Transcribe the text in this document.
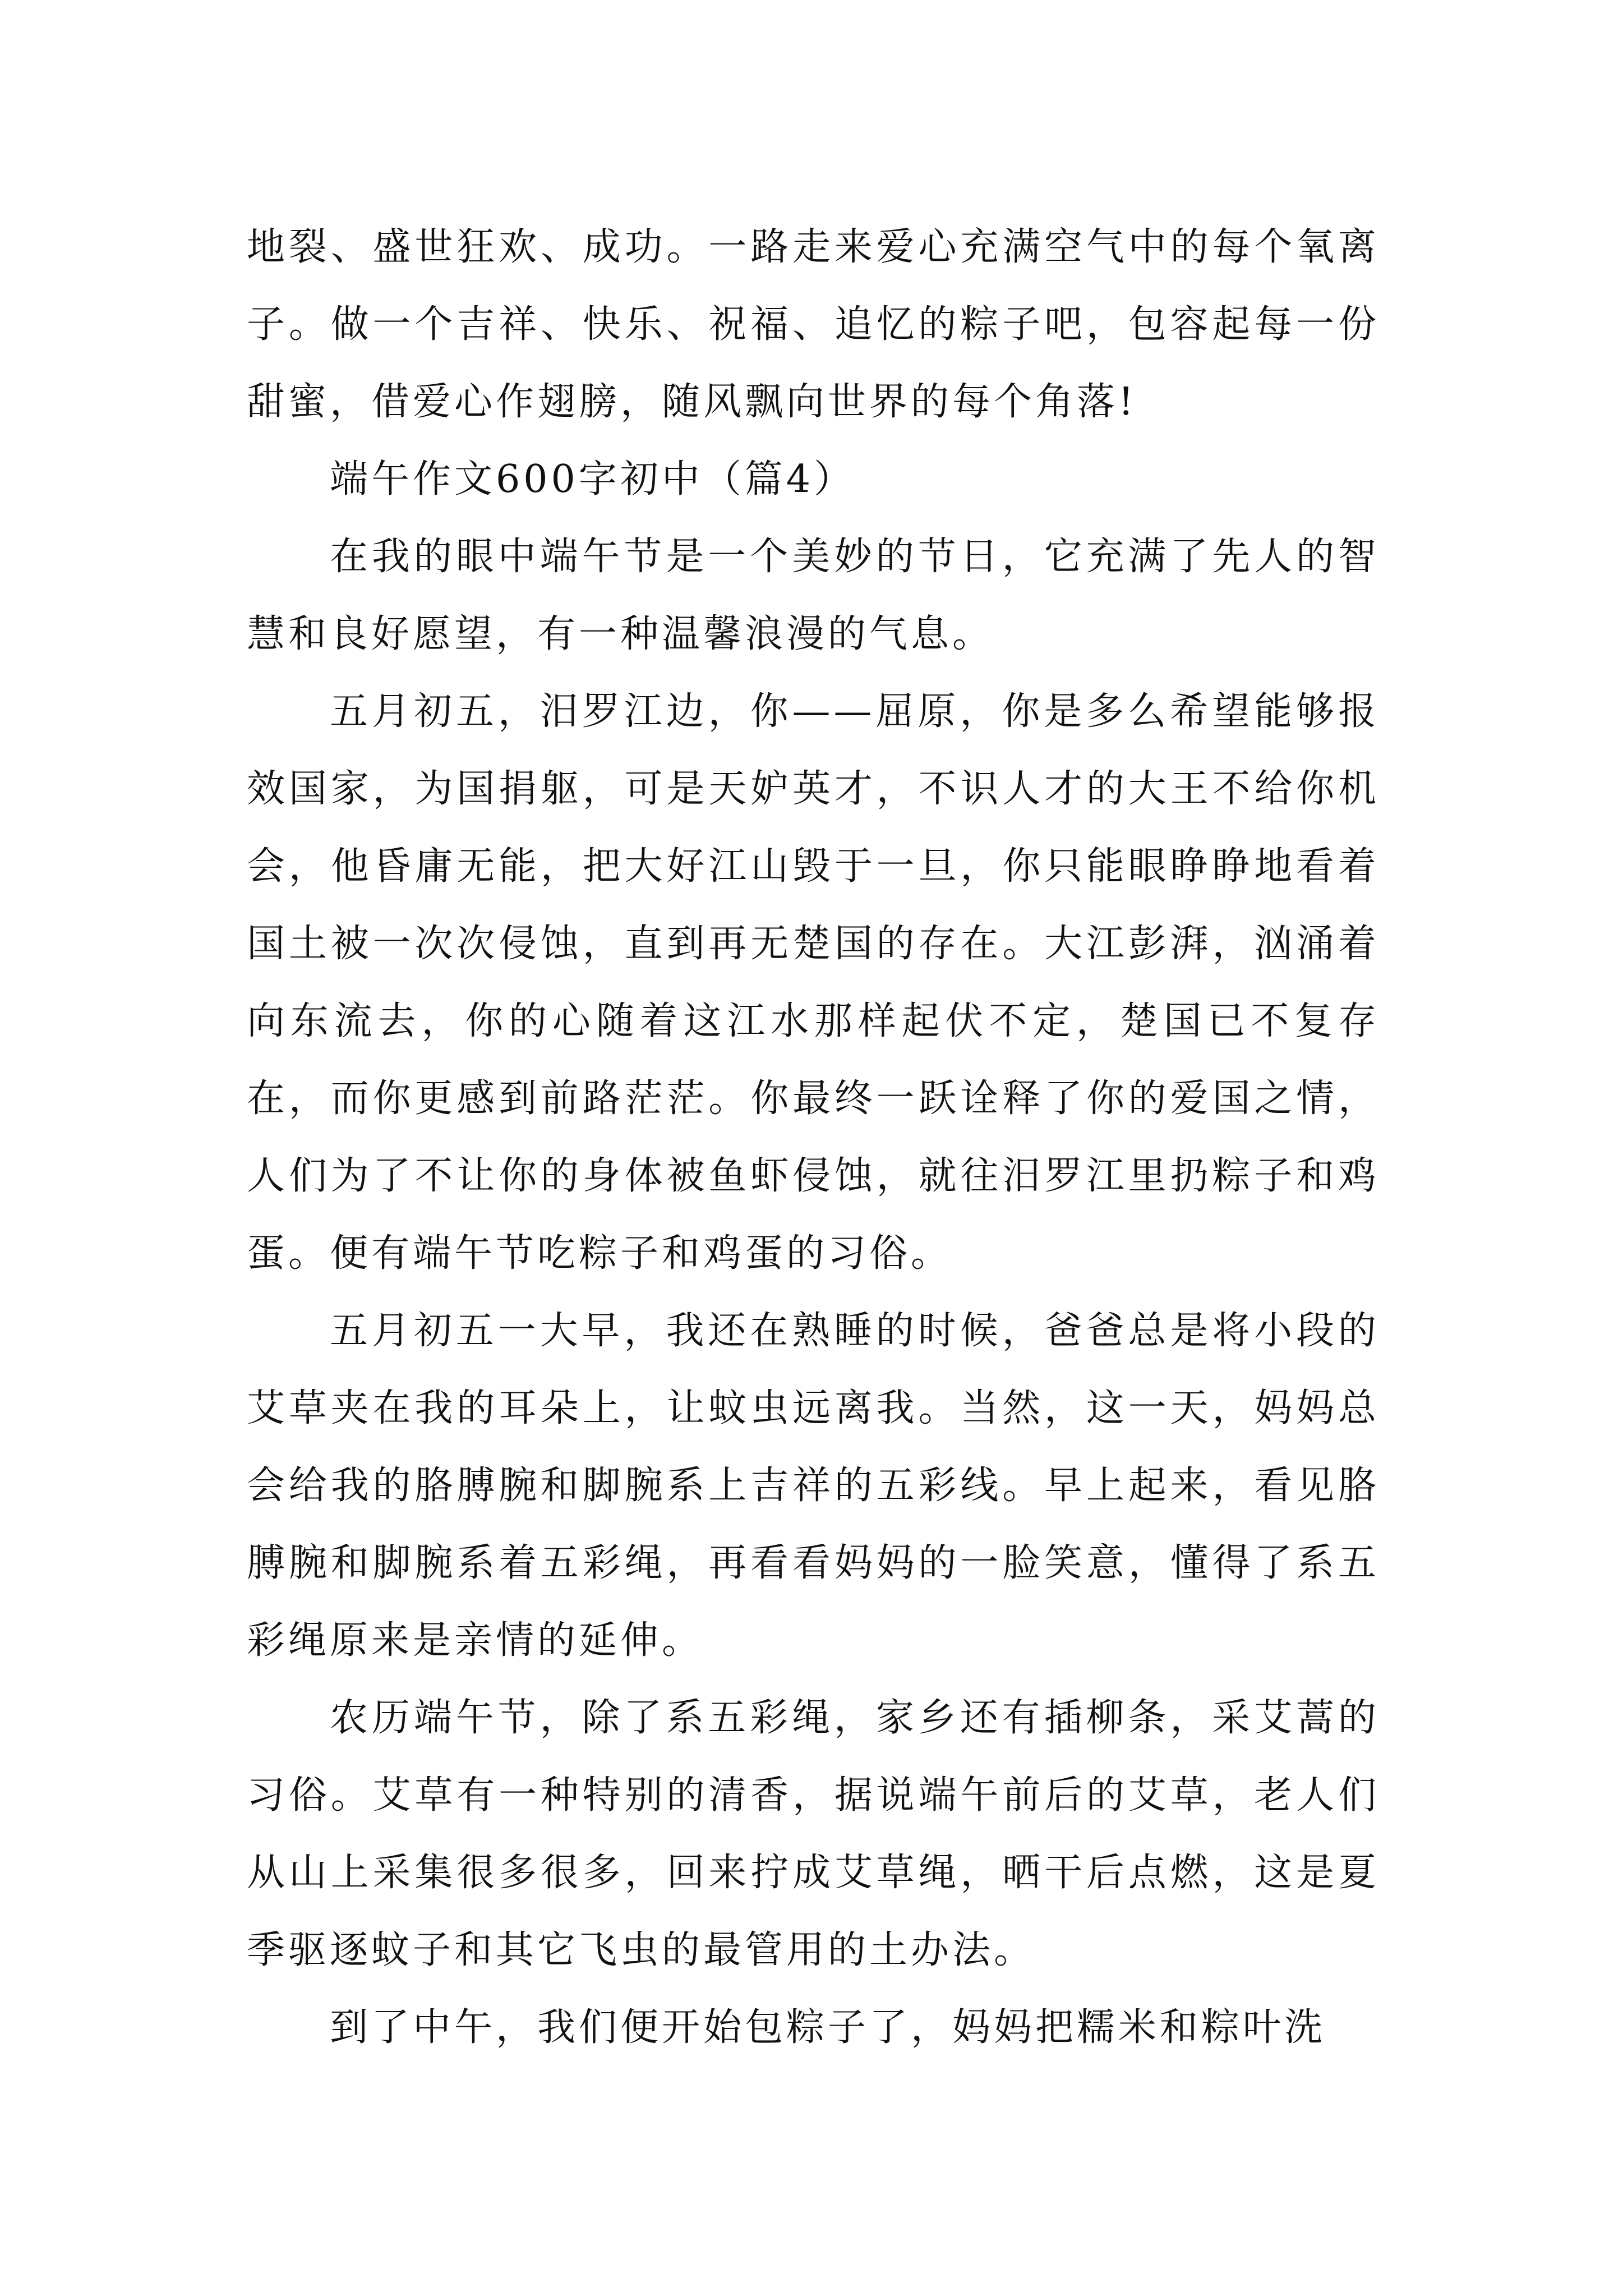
地裂、盛世狂欢、成功。一路走来爱心充满空气中的每个氧离子。做一个吉祥、快乐、祝福、追忆的粽子吧，包容起每一份甜蜜，借爱心作翅膀，随风飘向世界的每个角落!

端午作文600字初中（篇4）

在我的眼中端午节是一个美妙的节日，它充满了先人的智慧和良好愿望，有一种温馨浪漫的气息。

五月初五，汨罗江边，你——屈原，你是多么希望能够报效国家，为国捐躯，可是天妒英才，不识人才的大王不给你机会，他昏庸无能，把大好江山毁于一旦，你只能眼睁睁地看着国土被一次次侵蚀，直到再无楚国的存在。大江彭湃，汹涌着向东流去，你的心随着这江水那样起伏不定，楚国已不复存在，而你更感到前路茫茫。你最终一跃诠释了你的爱国之情，人们为了不让你的身体被鱼虾侵蚀，就往汨罗江里扔粽子和鸡蛋。便有端午节吃粽子和鸡蛋的习俗。

五月初五一大早，我还在熟睡的时候，爸爸总是将小段的艾草夹在我的耳朵上，让蚊虫远离我。当然，这一天，妈妈总会给我的胳膊腕和脚腕系上吉祥的五彩线。早上起来，看见胳膊腕和脚腕系着五彩绳，再看看妈妈的一脸笑意，懂得了系五彩绳原来是亲情的延伸。

农历端午节，除了系五彩绳，家乡还有插柳条，采艾蒿的习俗。艾草有一种特别的清香，据说端午前后的艾草，老人们从山上采集很多很多，回来拧成艾草绳，晒干后点燃，这是夏季驱逐蚊子和其它飞虫的最管用的土办法。

到了中午，我们便开始包粽子了，妈妈把糯米和粽叶洗
